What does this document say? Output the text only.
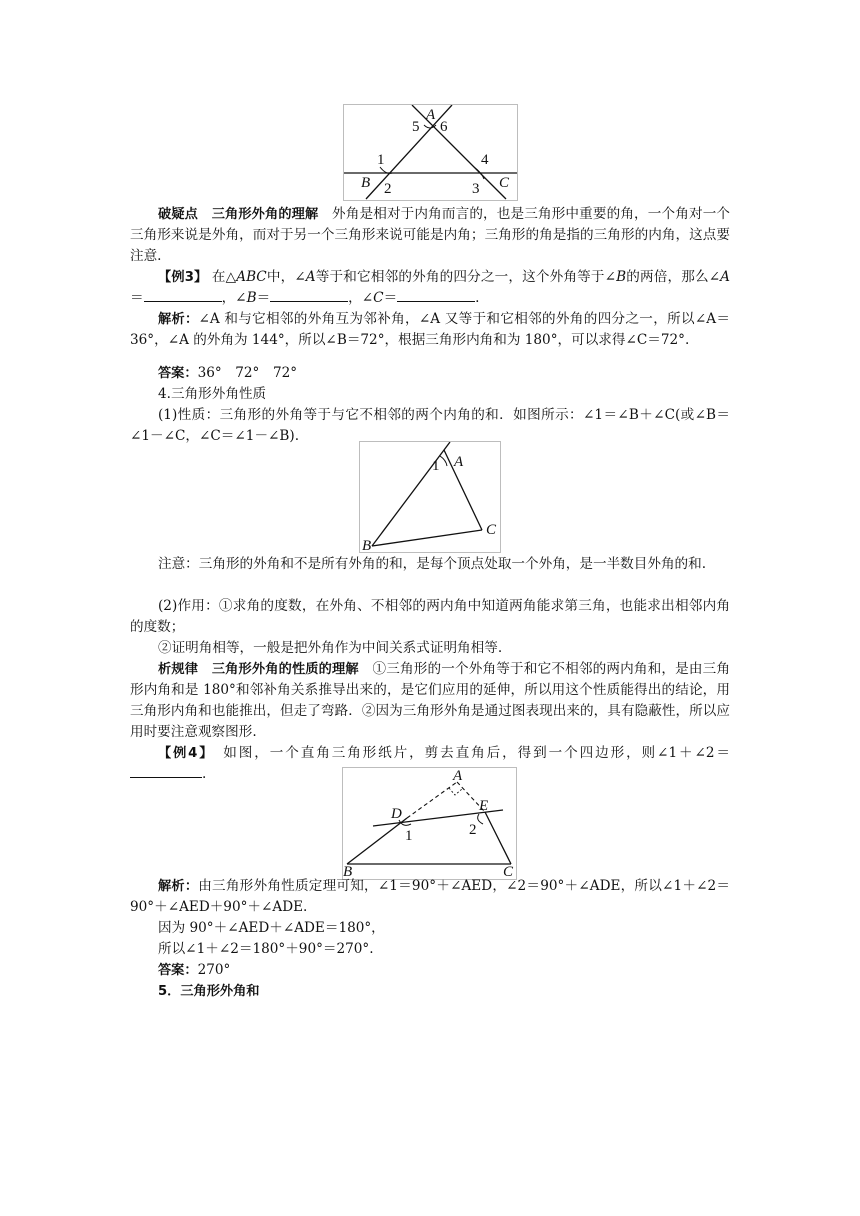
A
5 6
1
B 2
4
3 C
破疑点　 三角形外角的理解　 外角是相对于内角而言的，也是三角形中重要的角，一个角对一个三角形来说是外角，而对于另一个三角形来说可能是内角；三角形的角是指的三角形的内角，这点要注意.
【例3】 在△ABC中，∠A等于和它相邻的外角的四分之一，这个外角等于∠B的两倍，那么∠A＝	，∠B＝	，∠C＝	.
解析：∠A 和与它相邻的外角互为邻补角，∠A 又等于和它相邻的外角的四分之一，所以∠A＝36°，∠A 的外角为 144°，所以∠B＝72°，根据三角形内角和为 180°，可以求得∠C＝72°.
答案：36°　72°　72°
4.三角形外角性质
(1)性质：三角形的外角等于与它不相邻的两个内角的和．如图所示：∠1＝∠B＋∠C(或∠B＝∠1－∠C，∠C＝∠1－∠B).
1 A
C
B
注意：三角形的外角和不是所有外角的和，是每个顶点处取一个外角，是一半数目外角的和.
(2)作用：①求角的度数，在外角、不相邻的两内角中知道两角能求第三角，也能求出相邻内角的度数；
②证明角相等，一般是把外角作为中间关系式证明角相等.
析规律　 三角形外角的性质的理解　 ①三角形的一个外角等于和它不相邻的两内角和，是由三角形内角和是 180°和邻补角关系推导出来的，是它们应用的延伸，所以用这个性质能得出的结论，用三角形内角和也能推出，但走了弯路．②因为三角形外角是通过图表现出来的，具有隐蔽性，所以应用时要注意观察图形.
【例4】　 如图，一个直角三角形纸片，剪去直角后，得到一个四边形，则∠1＋∠2＝.	A
D	E
1	2
B	C
解析：由三角形外角性质定理可知，∠1＝90°＋∠AED，∠2＝90°＋∠ADE，所以∠1＋∠2＝90°＋∠AED＋90°＋∠ADE.
因为 90°＋∠AED＋∠ADE＝180°，
所以∠1＋∠2＝180°＋90°＝270°.
答案：270°
5．三角形外角和
